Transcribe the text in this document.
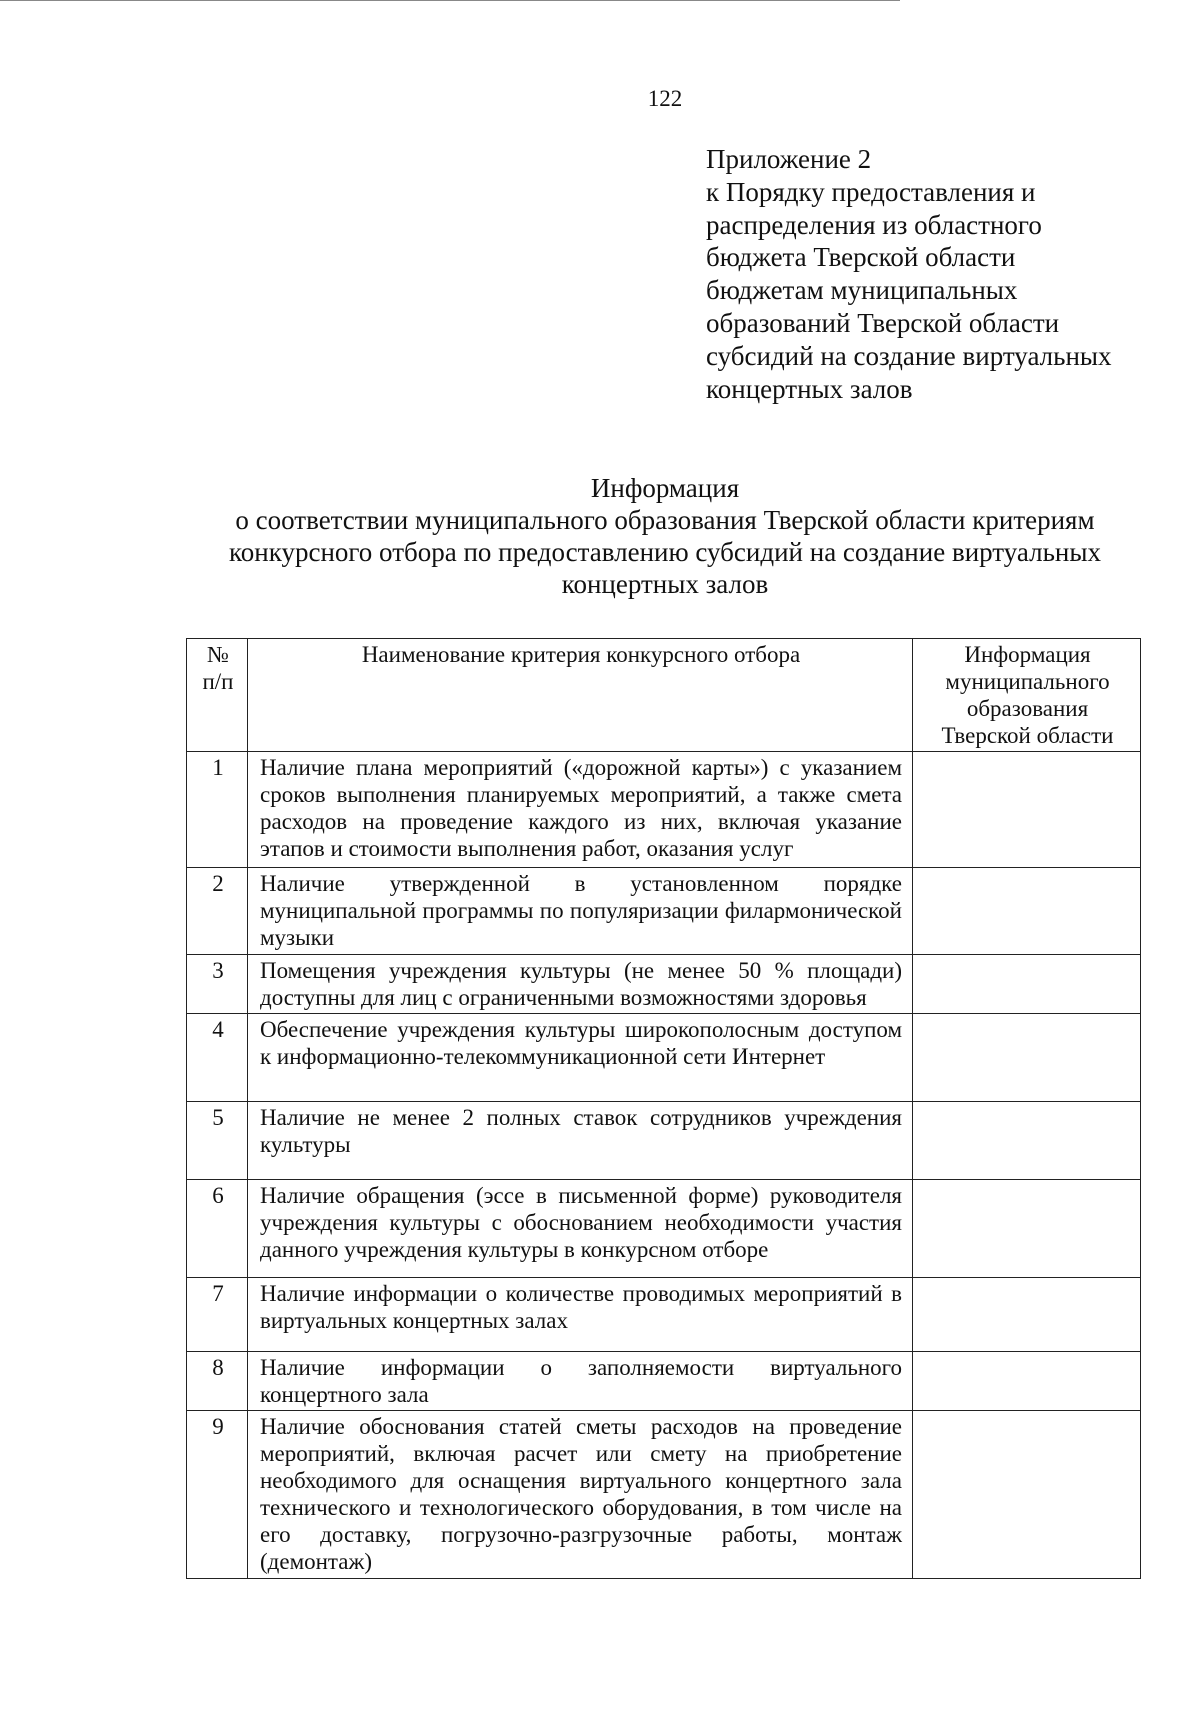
122
Приложение 2
к Порядку предоставления и
распределения из областного
бюджета Тверской области
бюджетам муниципальных
образований Тверской области
субсидий на создание виртуальных
концертных залов
Информация
о соответствии муниципального образования Тверской области критериям
конкурсного отбора по предоставлению субсидий на создание виртуальных
концертных залов
№ п/п	Наименование критерия конкурсного отбора	Информация муниципального образования Тверской области
1	Наличие плана мероприятий («дорожной карты») с указанием сроков выполнения планируемых мероприятий, а также смета расходов на проведение каждого из них, включая указание этапов и стоимости выполнения работ, оказания услуг	
2	Наличие утвержденной в установленном порядке муниципальной программы по популяризации филармонической музыки	
3	Помещения учреждения культуры (не менее 50 % площади) доступны для лиц с ограниченными возможностями здоровья	
4	Обеспечение учреждения культуры широкополосным доступом к информационно-телекоммуникационной сети Интернет	
5	Наличие не менее 2 полных ставок сотрудников учреждения культуры	
6	Наличие обращения (эссе в письменной форме) руководителя учреждения культуры с обоснованием необходимости участия данного учреждения культуры в конкурсном отборе	
7	Наличие информации о количестве проводимых мероприятий в виртуальных концертных залах	
8	Наличие информации о заполняемости виртуального концертного зала	
9	Наличие обоснования статей сметы расходов на проведение мероприятий, включая расчет или смету на приобретение необходимого для оснащения виртуального концертного зала технического и технологического оборудования, в том числе на его доставку, погрузочно-разгрузочные работы, монтаж (демонтаж)	
